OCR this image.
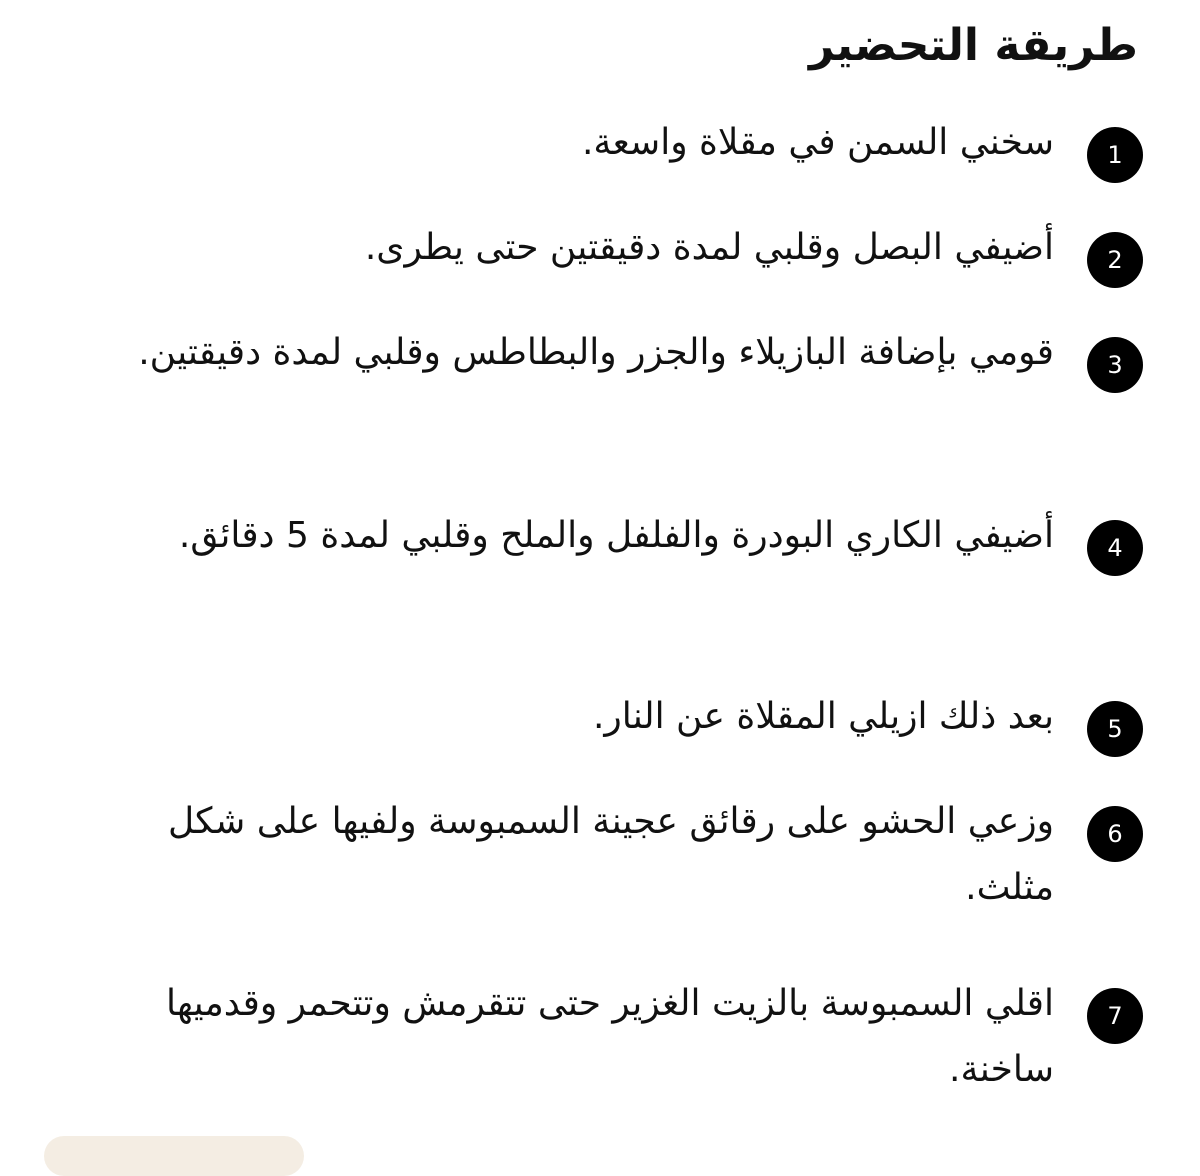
طريقة التحضير
1

سخني السمن في مقلاة واسعة.

2

أضيفي البصل وقلبي لمدة دقيقتين حتى يطرى.

3

قومي بإضافة البازيلاء والجزر والبطاطس وقلبي لمدة دقيقتين.

4

أضيفي الكاري البودرة والفلفل والملح وقلبي لمدة 5 دقائق.

5

بعد ذلك ازيلي المقلاة عن النار.

6

وزعي الحشو على رقائق عجينة السمبوسة ولفيها على شكل مثلث.

7

اقلي السمبوسة بالزيت الغزير حتى تتقرمش وتتحمر وقدميها ساخنة.
